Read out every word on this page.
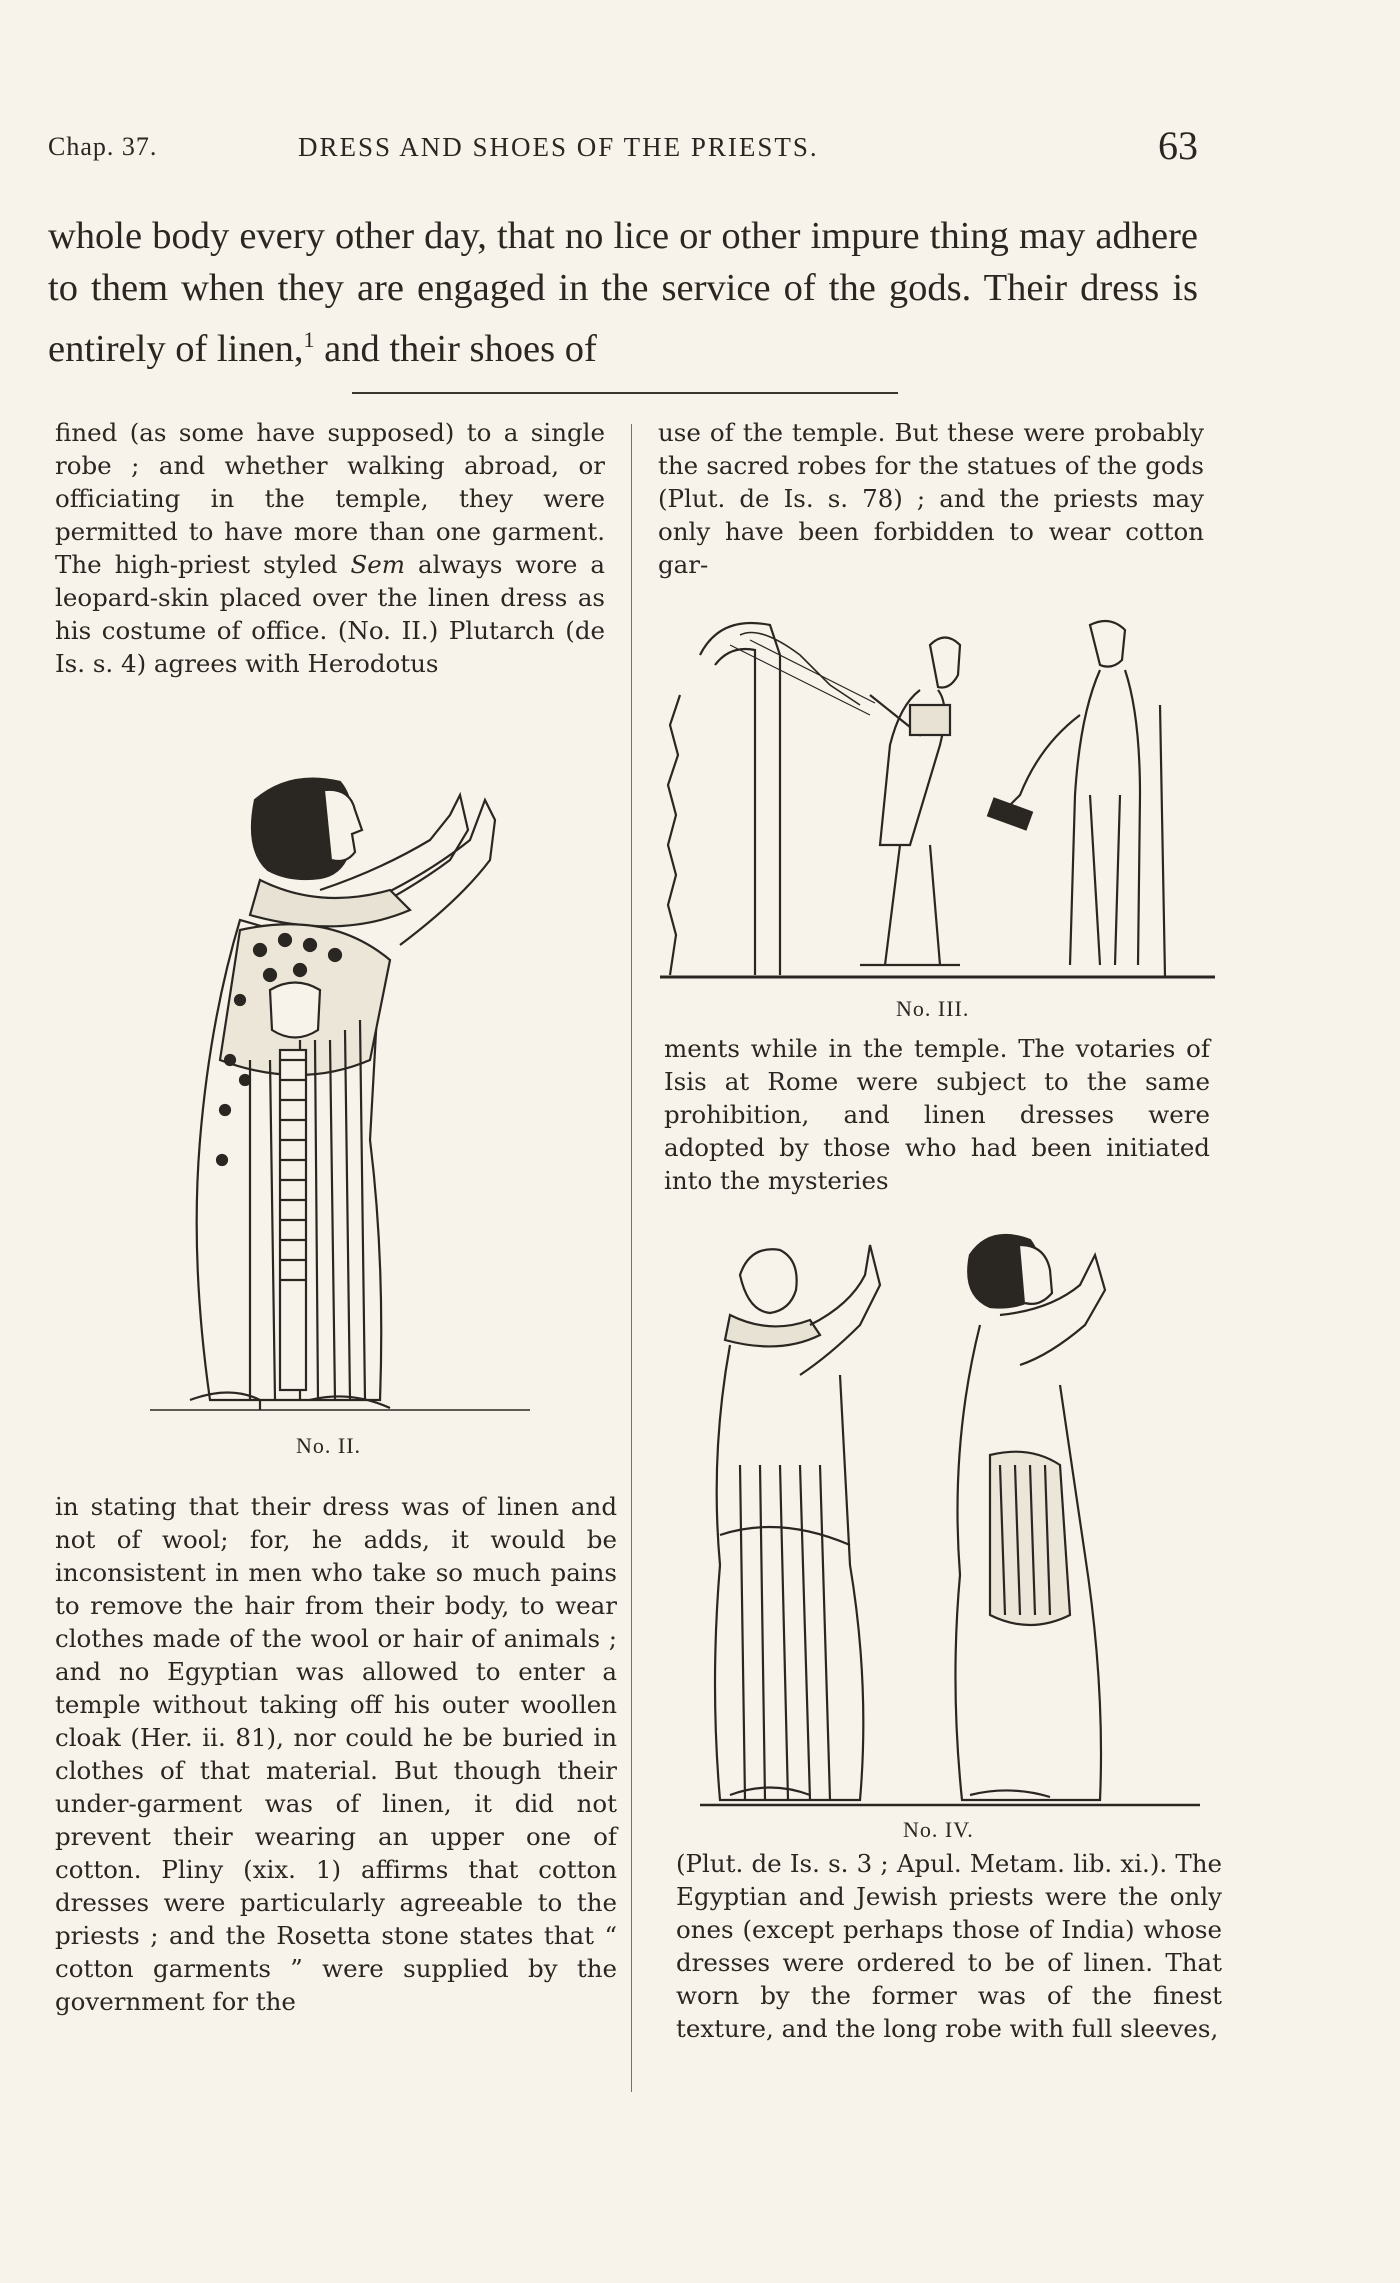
Chap. 37.	DRESS AND SHOES OF THE PRIESTS.	63

whole body every other day, that no lice or other impure thing may adhere to them when they are engaged in the service of the gods. Their dress is entirely of linen,$^1$ and their shoes of

fined (as some have supposed) to a single robe ; and whether walking abroad, or officiating in the temple, they were permitted to have more than one garment. The high-priest styled Sem always wore a leopard-skin placed over the linen dress as his costume of office. (No. II.) Plutarch (de Is. s. 4) agrees with Herodotus

No. II.

in stating that their dress was of linen and not of wool; for, he adds, it would be inconsistent in men who take so much pains to remove the hair from their body, to wear clothes made of the wool or hair of animals ; and no Egyptian was allowed to enter a temple without taking off his outer woollen cloak (Her. ii. 81), nor could he be buried in clothes of that material. But though their under-garment was of linen, it did not prevent their wearing an upper one of cotton. Pliny (xix. 1) affirms that cotton dresses were particularly agreeable to the priests ; and the Rosetta stone states that “ cotton garments ” were supplied by the government for the

use of the temple. But these were probably the sacred robes for the statues of the gods (Plut. de Is. s. 78) ; and the priests may only have been forbidden to wear cotton gar-

No. III.

ments while in the temple. The votaries of Isis at Rome were subject to the same prohibition, and linen dresses were adopted by those who had been initiated into the mysteries

No. IV.

(Plut. de Is. s. 3 ; Apul. Metam. lib. xi.). The Egyptian and Jewish priests were the only ones (except perhaps those of India) whose dresses were ordered to be of linen. That worn by the former was of the finest texture, and the long robe with full sleeves,
